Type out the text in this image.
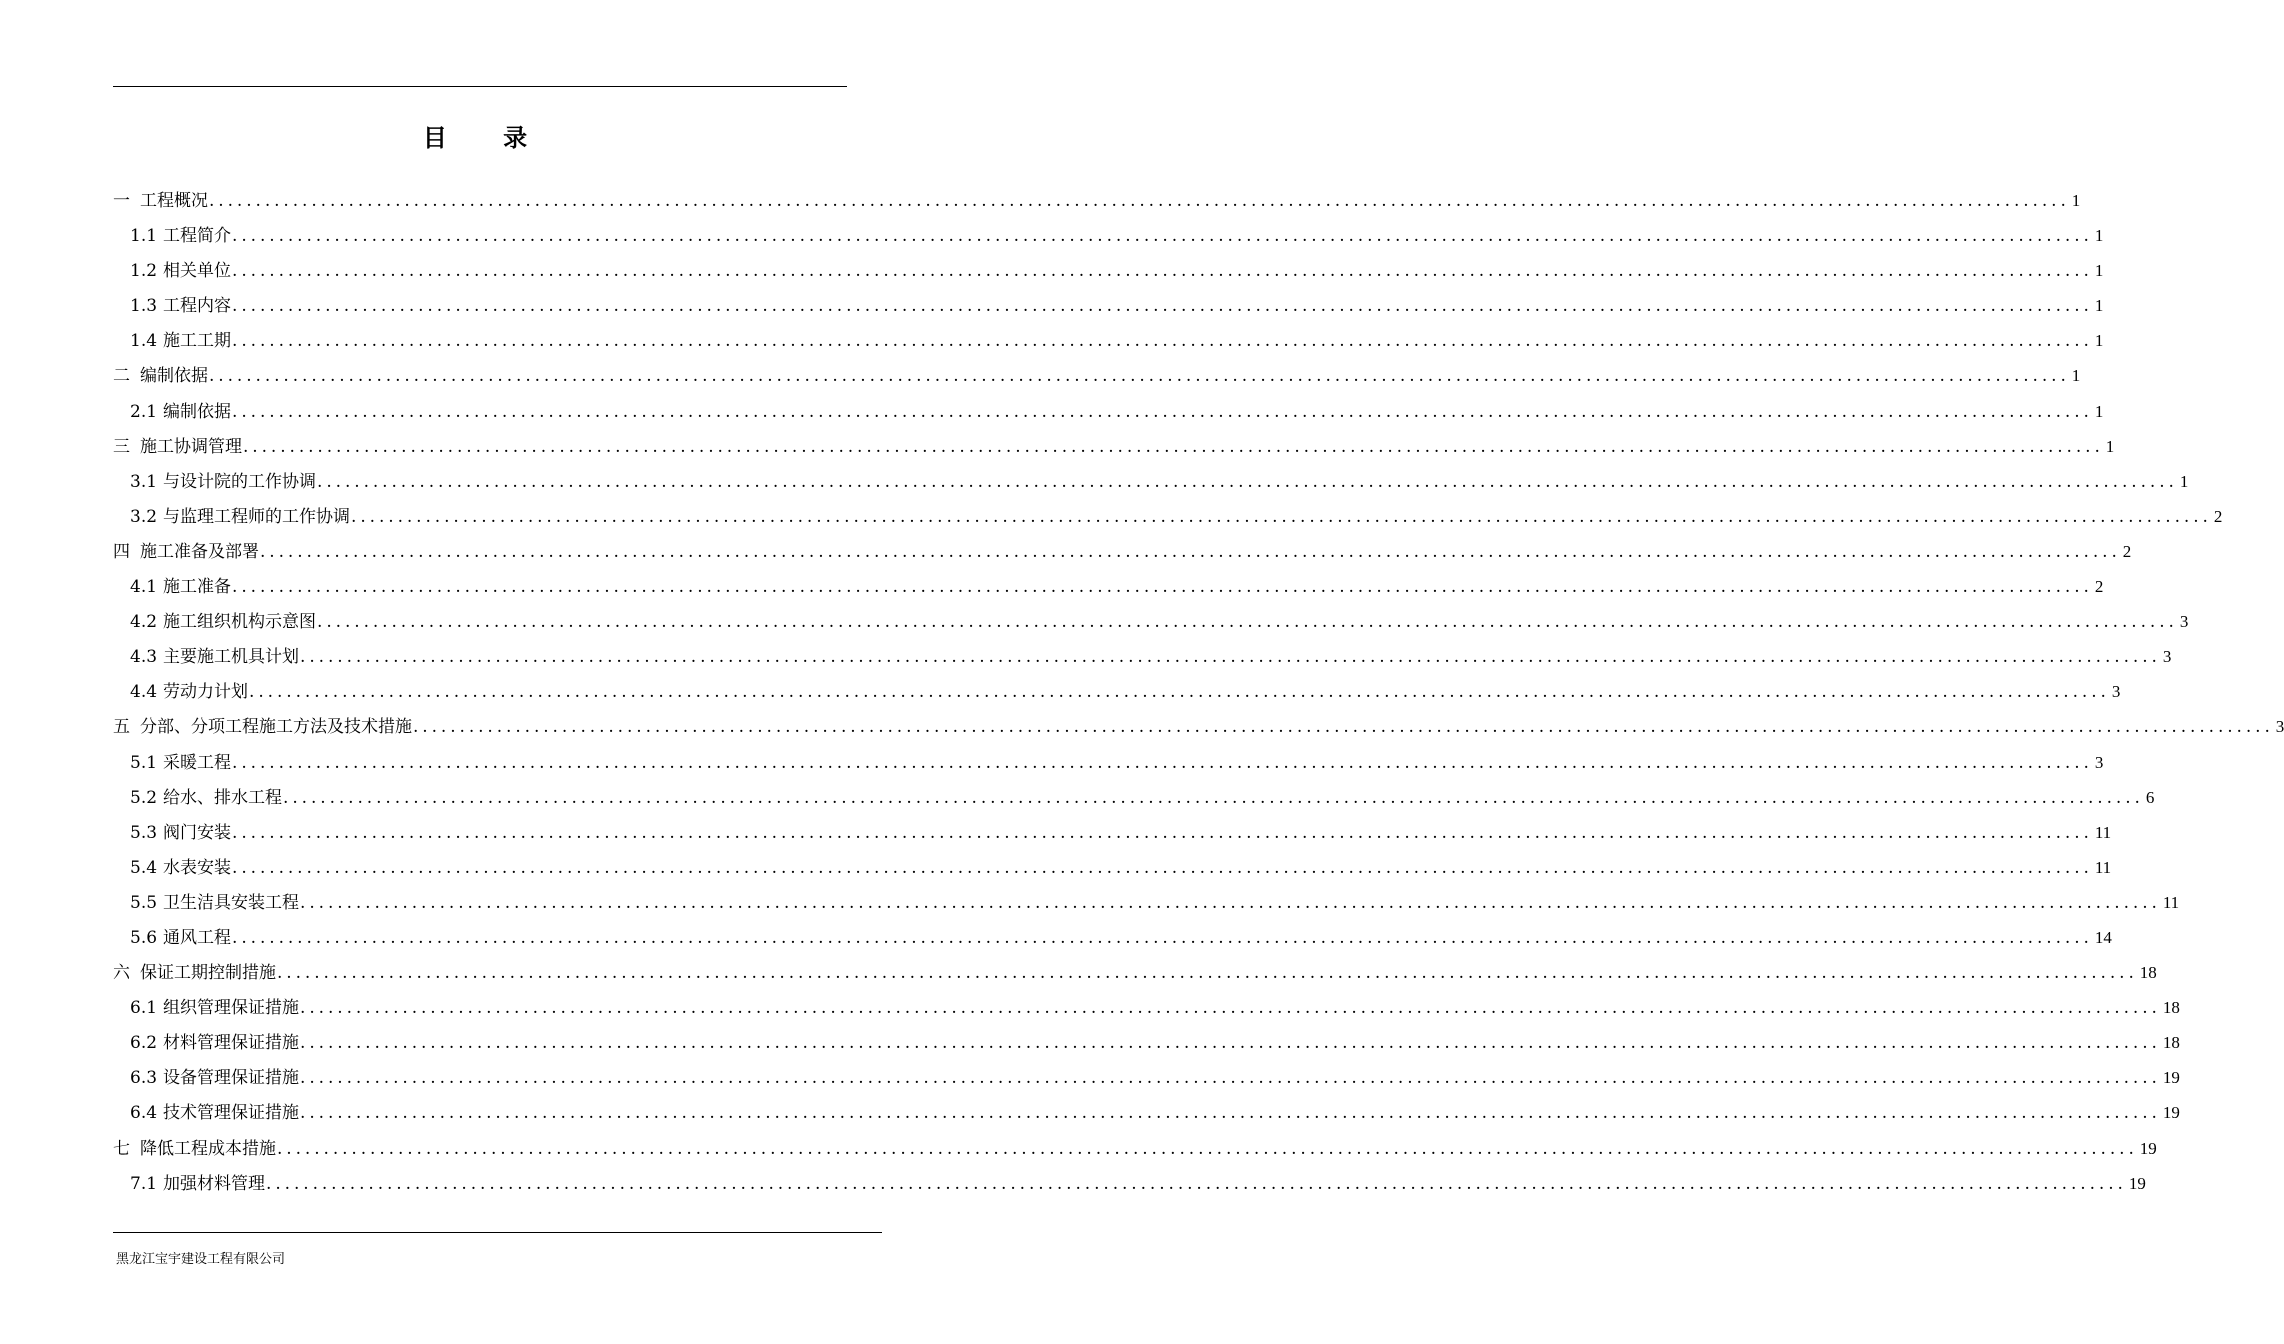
目 录
一 工程概况 ........................................................................................................................................................................................................ 1
1.1 工程简介 ........................................................................................................................................................................................................ 1
1.2 相关单位 ........................................................................................................................................................................................................ 1
1.3 工程内容 ........................................................................................................................................................................................................ 1
1.4 施工工期 ........................................................................................................................................................................................................ 1
二 编制依据 ........................................................................................................................................................................................................ 1
2.1 编制依据 ........................................................................................................................................................................................................ 1
三 施工协调管理 ........................................................................................................................................................................................................ 1
3.1 与设计院的工作协调 ........................................................................................................................................................................................................ 1
3.2 与监理工程师的工作协调 ........................................................................................................................................................................................................ 2
四 施工准备及部署 ........................................................................................................................................................................................................ 2
4.1 施工准备 ........................................................................................................................................................................................................ 2
4.2 施工组织机构示意图 ........................................................................................................................................................................................................ 3
4.3 主要施工机具计划 ........................................................................................................................................................................................................ 3
4.4 劳动力计划 ........................................................................................................................................................................................................ 3
五 分部、分项工程施工方法及技术措施 ........................................................................................................................................................................................................ 3
5.1 采暖工程 ........................................................................................................................................................................................................ 3
5.2 给水、排水工程 ........................................................................................................................................................................................................ 6
5.3 阀门安装 ........................................................................................................................................................................................................ 11
5.4 水表安装 ........................................................................................................................................................................................................ 11
5.5 卫生洁具安装工程 ........................................................................................................................................................................................................ 11
5.6 通风工程 ........................................................................................................................................................................................................ 14
六 保证工期控制措施 ........................................................................................................................................................................................................ 18
6.1 组织管理保证措施 ........................................................................................................................................................................................................ 18
6.2 材料管理保证措施 ........................................................................................................................................................................................................ 18
6.3 设备管理保证措施 ........................................................................................................................................................................................................ 19
6.4 技术管理保证措施 ........................................................................................................................................................................................................ 19
七 降低工程成本措施 ........................................................................................................................................................................................................ 19
7.1 加强材料管理 ........................................................................................................................................................................................................ 19
黑龙江宝宇建设工程有限公司
